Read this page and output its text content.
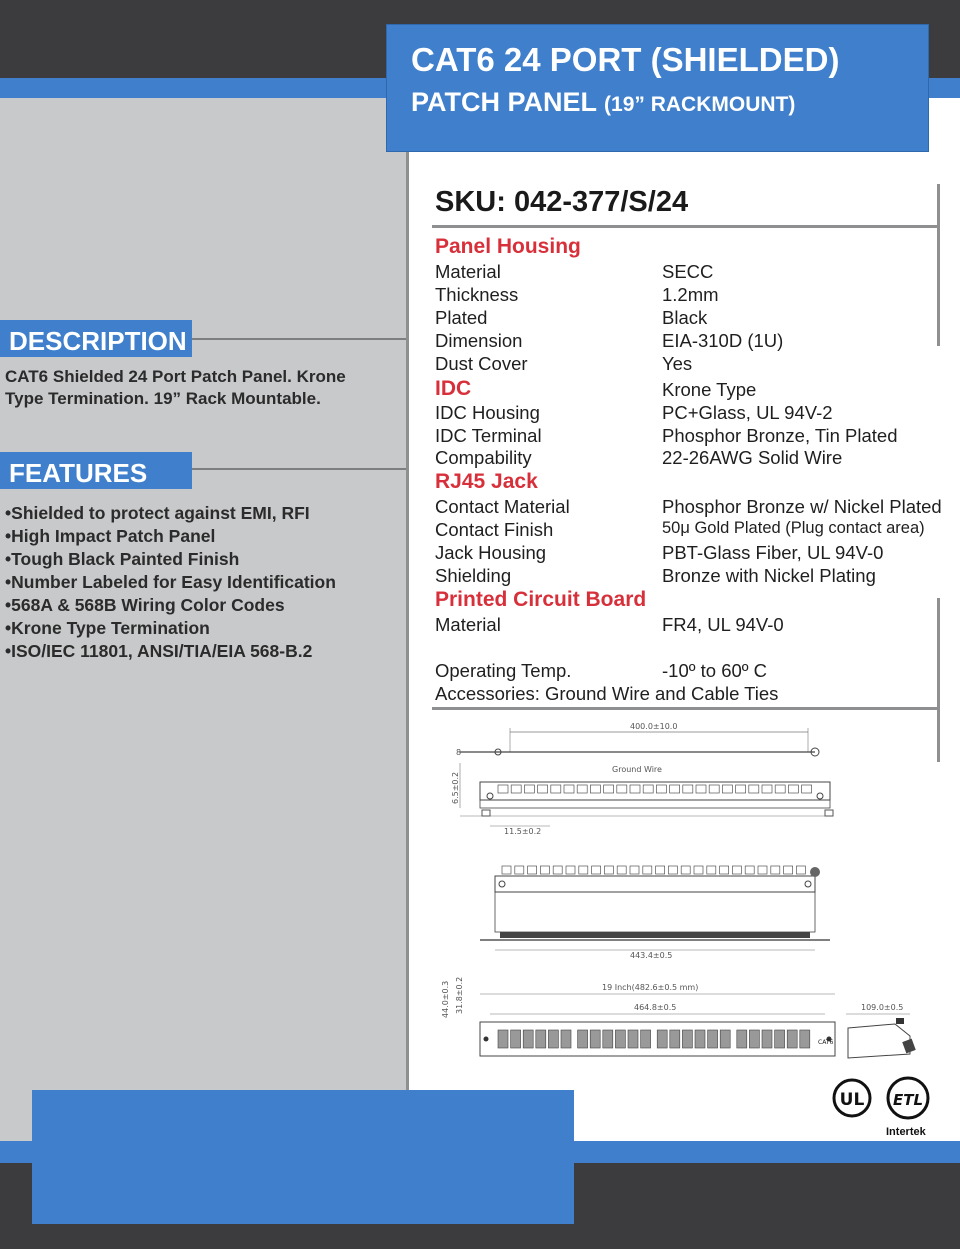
CAT6 24 PORT (SHIELDED)
PATCH PANEL (19” RACKMOUNT)
DESCRIPTION
CAT6 Shielded 24 Port Patch Panel. Krone
Type Termination. 19” Rack Mountable.
FEATURES
• Shielded to protect against EMI, RFI
• High Impact Patch Panel
• Tough Black Painted Finish
• Number Labeled for Easy Identification
• 568A & 568B Wiring Color Codes
• Krone Type Termination
• ISO/IEC 11801, ANSI/TIA/EIA 568-B.2
SKU: 042-377/S/24
Panel Housing
Material	SECC
Thickness	1.2mm
Plated	Black
Dimension	EIA-310D (1U)
Dust Cover	Yes
IDC	Krone Type
IDC Housing	PC+Glass, UL 94V-2
IDC Terminal	Phosphor Bronze, Tin Plated
Compability	22-26AWG Solid Wire
RJ45 Jack
Contact Material	Phosphor Bronze w/ Nickel Plated
Contact Finish	50μ Gold Plated (Plug contact area)
Jack Housing	PBT-Glass Fiber, UL 94V-0
Shielding	Bronze with Nickel Plating
Printed Circuit Board
Material	FR4, UL 94V-0
Operating Temp.	-10º to 60º C
Accessories: Ground Wire and Cable Ties
400.0±10.0
8
Ground Wire
6.5±0.2
11.5±0.2
443.4±0.5
19 Inch(482.6±0.5 mm)
464.8±0.5
44.0±0.3 31.8±0.2
CAT6
109.0±0.5
UL ETL
Intertek
